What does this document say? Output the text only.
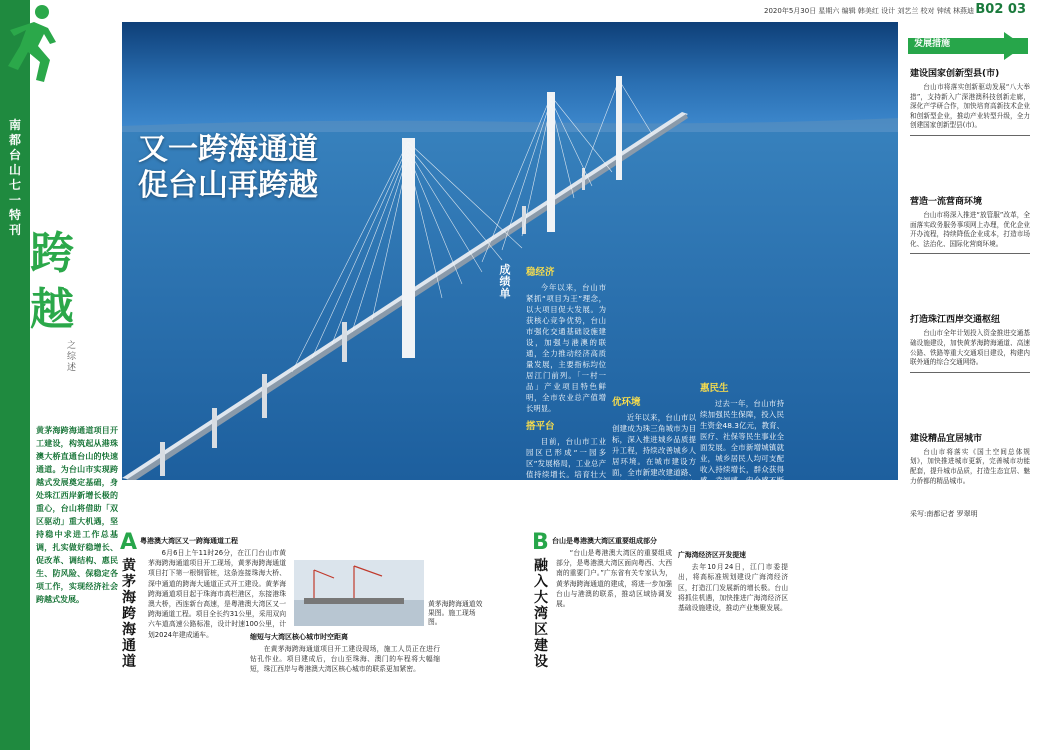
2020年5月30日 星期六 编辑 韩美红 设计 刘艺兰 校对 钟绒 林燕迪 B02 03
南都台山七一特刊 跨
越
之综述
黄茅海跨海通道项目开工建设，构筑起从港珠澳大桥直通台山的快速通道。为台山市实现跨越式发展奠定基础，身处珠江西岸新增长极的重心，台山将借助「双区驱动」重大机遇，坚持稳中求进工作总基调，扎实做好稳增长、促改革、调结构、惠民生、防风险、保稳定各项工作，实现经济社会跨越式发展。
又一跨海通道
促台山再跨越
成绩单
稳经济

今年以来，台山市紧抓“项目为王”理念，以大项目促大发展。为获核心竞争优势，台山市强化交通基础设施建设，加强与港澳的联通，全力推动经济高质量发展，主要指标均位居江门前列。「一村一品」产业项目特色鲜明，全市农业总产值增长明显。

搭平台

目前，台山市工业园区已形成“一园多区”发展格局，工业总产值持续增长。培育壮大新兴产业、高新技术企业，推进园区基础设施建设，提升承载能力。

优环境

近年以来，台山市以创建成为珠三角城市为目标，深入推进城乡品质提升工程，持续改善城乡人居环境。在城市建设方面，全市新建改建道路、公园，完善公共配套服务设施，城市形象持续提升。

惠民生

过去一年，台山市持续加强民生保障，投入民生资金48.3亿元，教育、医疗、社保等民生事业全面发展。全市新增城镇就业，城乡居民人均可支配收入持续增长，群众获得感、幸福感、安全感不断增强。

发展措施
建设国家创新型县(市)

台山市将落实创新驱动发展“八大举措”，支持新入广深港澳科技创新走廊，深化产学研合作，加快培育高新技术企业和创新型企业，推动产业转型升级，全力创建国家创新型县(市)。

营造一流营商环境

台山市将深入推进“放管服”改革，全面落实政务服务事项网上办理，优化企业开办流程，持续降低企业成本，打造市场化、法治化、国际化营商环境。

打造珠江西岸交通枢纽

台山市全年计划投入资金推进交通基础设施建设，加快黄茅海跨海通道、高速公路、铁路等重大交通项目建设，构建内联外通的综合交通网络。

建设精品宜居城市

台山市将落实《国土空间总体规划》，加快推进城市更新，完善城市功能配套，提升城市品质，打造生态宜居、魅力侨都的精品城市。

采写:南都记者 罗翠明
A
黄茅海跨海通道
粤港澳大湾区又一跨海通道工程

6月6日上午11时26分，在江门台山市黄茅海跨海通道项目开工现场，黄茅海跨海通道项目打下第一根钢管桩，这条连接珠海大桥、深中通道的跨海大通道正式开工建设。黄茅海跨海通道项目起于珠海市高栏港区，东接港珠澳大桥，西连新台高速，是粤港澳大湾区又一跨海通道工程。项目全长约31公里，采用双向六车道高速公路标准，设计时速100公里，计划2024年建成通车。

黄茅海跨海通道效果图。施工现场图。
缩短与大湾区核心城市时空距离

在黄茅海跨海通道项目开工建设现场，施工人员正在进行钻孔作业。项目建成后，台山至珠海、澳门的车程将大幅缩短，珠江西岸与粤港澳大湾区核心城市的联系更加紧密。

B
融入大湾区建设
台山是粤港澳大湾区重要组成部分

“台山是粤港澳大湾区的重要组成部分，是粤港澳大湾区面向粤西、大西南的重要门户。”广东省有关专家认为，黄茅海跨海通道的建成，将进一步加强台山与港澳的联系，推动区域协调发展。

广海湾经济区开发提速

去年10月24日，江门市委提出，将高标准规划建设广海湾经济区，打造江门发展新的增长极。台山将抓住机遇，加快推进广海湾经济区基础设施建设，推动产业集聚发展。
